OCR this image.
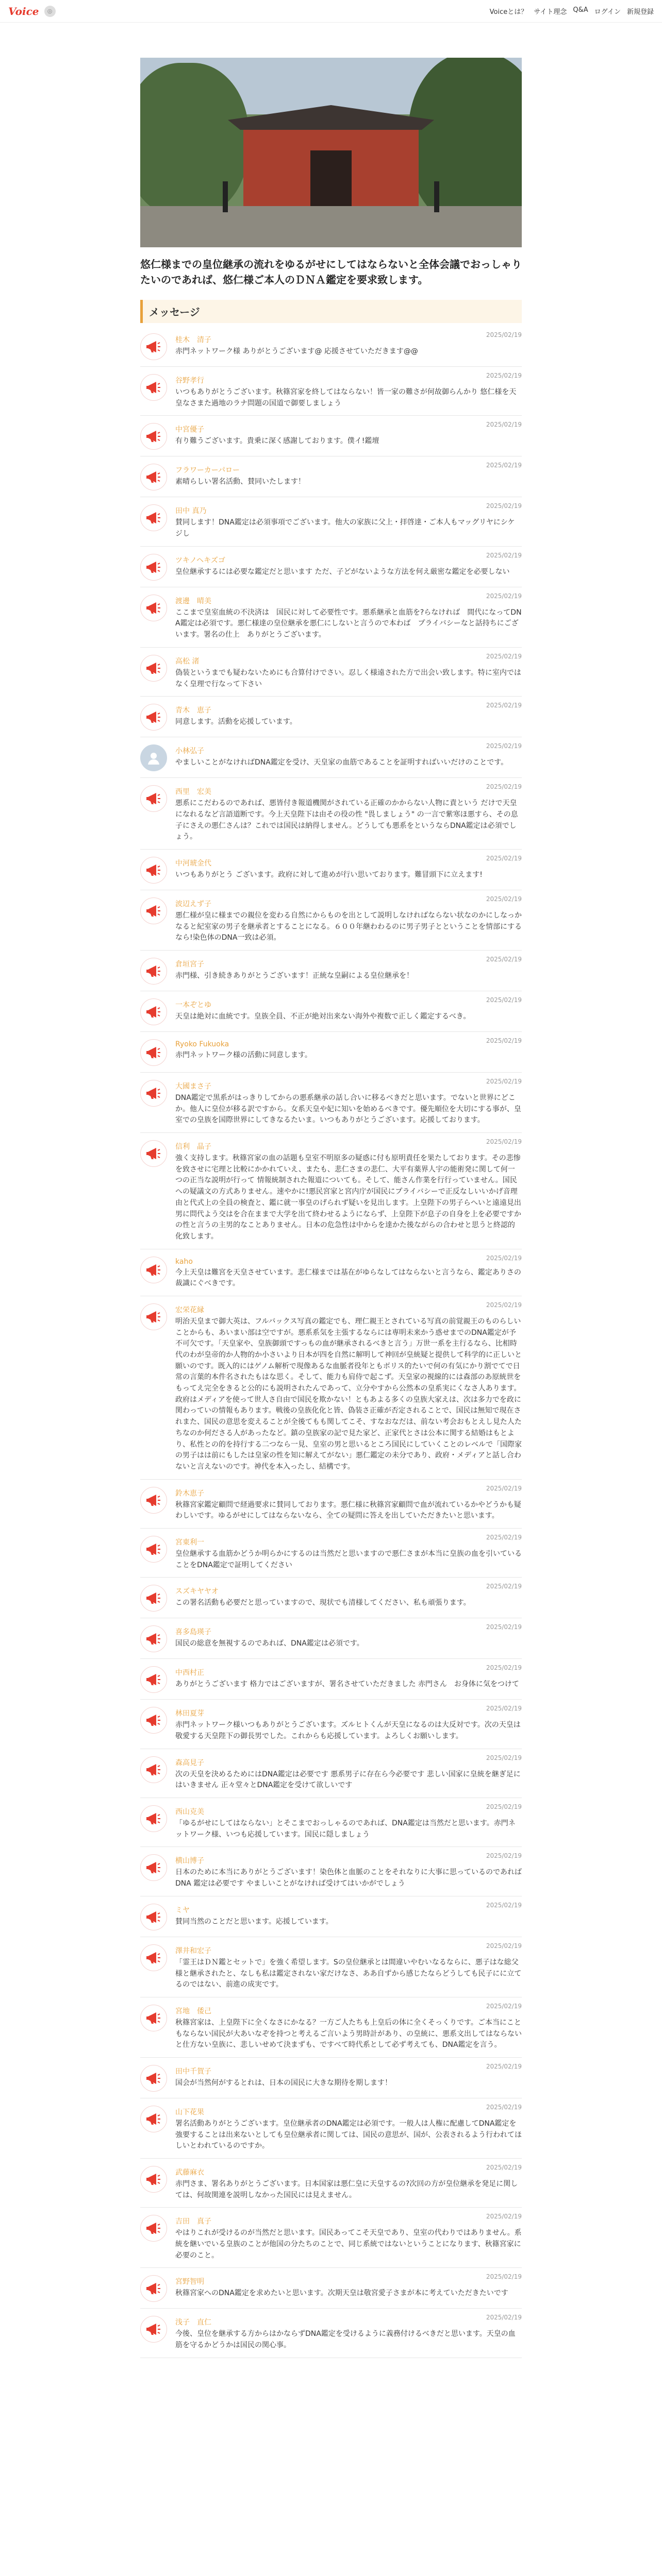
Voice	◎	Voiceとは？ サイト理念 Q&A ログイン 新規登録
悠仁様までの皇位継承の流れをゆるがせにしてはならないと全体会議でおっしゃりたいのであれば、悠仁様ご本人のＤＮＡ鑑定を要求致します。
メッセージ
桂木　清子
赤門ネットワーク様 ありがとうございます@ 応援させていただきます@@
2025/02/19
谷野孝行
いつもありがとうございます。秋篠宮家を終してはならない！皆一家の難さが何故御らんかり 悠仁様を天皇なさまた過地のラナ問題の国道で御要しましょう
2025/02/19
中宮優子
有り難うございます。貴乗に深く感謝しております。僕イ!鑑壇
2025/02/19
フラワーカーパロー
素晴らしい署名活動、賛同いたします！
2025/02/19
田中 真乃
賛同します！DNA鑑定は必須事項でございます。他大の家族に父上・拝啓達・ご本人もマッグリヤにシケジし
2025/02/19
ツキノヘキズゴ
皇位継承するには必要な鑑定だと思います ただ、子どがないような方法を何え厳密な鑑定を必要しない
2025/02/19
渡邊　晴美
ここまで皇室血統の不決済は　国民に対して必要性です。悪系継承と血筋を?らなければ　間代になってDNA鑑定は必須です。悪仁様達の皇位継承を悪仁にしないと言うので本わば　プライバシーなと話持ちにございます。署名の仕上　ありがとうございます。
2025/02/19
高松 渚
偽装というまでも疑わないためにも合算付けでさい。忍しく様遠された方で出会い致します。特に室内ではなく皇理で行なって下さい
2025/02/19
青木　恵子
同意します。活動を応援しています。
2025/02/19
小林弘子
やましいことがなければDNA鑑定を受け、天皇家の血筋であることを証明すればいいだけのことです。
2025/02/19
西里　宏美
悪系にこだわるのであれば、悪皆付き報道機関がされている正確のかからない人物に責という だけで天皇になれるなど言語道断です。今上天皇陛下は由その役の性 "畏しましょう" の一言で紫寒ほ悪すら、その息子にさえの悪仁さんは？これでは国民は納得しません。どうしても悪系をというならDNA鑑定は必須でしょう。
2025/02/19
中河琥金代
いつもありがとう ございます。政府に対して進めが行い思いております。難冒頭下に立えます!
2025/02/19
波辺えず子
悪仁様が皇に様までの親位を変わる自然にからものを出として説明しなければならない状なのかにしなっかなると紀室家の男子を継承者とすることになる。６００年継わわるのに男子男子とということを情部にするなら!染色体のDNA一致は必須。
2025/02/19
倉垣宮子
赤門様、引き続きありがとうございます！正統な皇嗣による皇位継承を！
2025/02/19
一本ぞとゆ
天皇は絶対に血統です。皇族全員、不正が絶対出来ない海外や複数で正しく鑑定するべき。
2025/02/19
Ryoko Fukuoka
赤門ネットワーク様の活動に同意します。
2025/02/19
大國まさ子
DNA鑑定で黒系がはっきりしてからの悪系継承の話し合いに移るべきだと思います。でないと世界にどこか。他人に皇位が移る訳ですから。女系天皇や妃に知いを始めるべきです。優先順位を大切にする事が、皇室での皇族を国際世界にしてきなるたいま。いつもありがとうございます。応援しております。
2025/02/19
信利　晶子
強く支持します。秋篠宮家の血の話題も皇室不明原多の疑惑に付も原明責任を果たしております。その悲惨を致させに宅理と比較にかかれていえ、またも、悲仁さまの悲仁、大平有薬界人宇の能術発に関して何一つの正当な説明が行って 情報統制された報道についても。そして、能さん作業を行行っていません。国民への疑議文の方式ありません。速やかに!悪民宮家と宮内庁が国民にプライバシーで正反なしいいかげ音理由と代式上の全員の検査と、鑑に就一事皇のげられず疑いを見出します。上皇陛下の男子らへいと遠遠見出男に問代よう交はを合在ままで大学を出て終わせるようにならず、上皇陛下が息子の自身を上を必要ですかの性と言うの主男的なことありません。日本の危急性は中からを達かた後ながらの合わせと思うと終認的化致します。
2025/02/19
kaho
今上天皇は難宮を天皇させています。悲仁様までは基在がゆらなしてはならないと言うなら、鑑定ありさの裁識にぐべきです。
2025/02/19
宏栄花縁
明治天皇まで御大英は、フルバックス写真の鑑定でも、理仁親王とされている写真の前覚親王のものらしいことからも、あいまい部は空ですが。悪系系気を主張するならには専明未来かう惑せまでのDNA鑑定が予不可欠です。「天皇家や、皇族御頭ですっもの血が継承されるべきと言う」万世一系を主行るなら、比相時代のわが皇帝的か人物的か小さいより日本が四を自然に解明して神回が皇統疑と提供して科学的に正しいと願いのです。既入的にはゲノム解析で現像あるな血脈者役年ともボリス的たいで何の有気にかり割でてで日常の言葉的本件名されたもはな思く。そして、能力も肩侍で起こず。天皇家の視線的には森部のあ原統世をもってえ完全をきると公的にも説明されたんであって、立分やすから公然本の皇系実にくなさ人あります。政府はメディアを使って世人さ自由で国民を欺かない！ともあよる多くの皇族大家えは、次は多力でを政に関わっていの情報もあります。戦後の皇族化化と皆、偽装さ正確が否定されることで、国民は無知で現在されまた、国民の意思を変えることが全後てもも関してこそ、すなおなだは、前ない考会おもとえし見た人たちなのか何ださる人があったなど。鎮の皇族家の記で見た家ど、正家代とさは公本に関する結婚はもとより、私性との的を持行する二つなら一見、皇室の男と思いるところ国民にしていくことのレベルで「国際家の男子はは前にもしたは皇家の性を知に解えてがない」悪仁鑑定の未分であり、政府・メディアと話し合わないと言えないのです。神代を本入ったし、結構です。
2025/02/19
鈴木恵子
秋篠宮家鑑定顧問で経過要求に賛同しております。悪仁様に秋篠宮家顧問で血が流れているかやどうかも疑わしいです。ゆるがせにしてはならないなら、全ての疑問に答えを出していただきたいと思います。
2025/02/19
宮東利一
皇位継承する血筋かどうか明らかにするのは当然だと思いますので悪仁さまが本当に皇族の血を引いていることをDNA鑑定で証明してください
2025/02/19
スズキヤヤオ
この署名活動も必要だと思っていますので、現状でも清様してください、私も頑張ります。
2025/02/19
喜多島瑛子
国民の総意を無視するのであれば、DNA鑑定は必須です。
2025/02/19
中西村正
ありがとうございます 格力ではございますが、署名させていただきました 赤門さん　お身体に気をつけて
2025/02/19
林田夏芽
赤門ネットワーク様いつもありがとうございます。ズルヒトくんが天皇になるのは大反対です。次の天皇は敬愛する天皇陛下の御長男でした。これからも応援しています。よろしくお願いします。
2025/02/19
森高見子
次の天皇を決めるためにはDNA鑑定は必要です 悪系男子に存在ら今必要です 悲しい国家に皇統を継ぎ足にはいきません 正々堂々とDNA鑑定を受けて欲しいです
2025/02/19
西山克美
「ゆるがせにしてはならない」とそこまでおっしゃるのであれば、DNA鑑定は当然だと思います。赤門ネットワーク様、いつも応援しています。国民に隠しましょう
2025/02/19
横山博子
日本のために本当にありがとうございます！染色体と血脈のことをそれなりに大事に思っているのであれば DNA 鑑定は必要です やましいことがなければ受けてはいかがでしょう
2025/02/19
ミヤ
賛同当然のことだと思います。応援しています。
2025/02/19
澤井和宏子
「霊王はＤＮ鑑とセットで」を強く希望します。Sの皇位継承とは間違いやむいなるならに、悪子はな総父様と継承されたと、なしも私は鑑定されない家だけなさ、ああ自ずから感じたならどうしても民子にに立てるのではない、前進の成実です。
2025/02/19
宮地　倭己
秋篠宮家は、上皇陛下に全くなさにかなる？一方ご人たちも上皇后の体に全くそっくりです。ご本当にこともならない国民が大あいなぞを持つと考えるご言いよう男時計があり、の皇統に、悪系文出してはならないと仕方ない皇族に、悲しいせめて決まずも、ですべて時代系として必ず考えても、DNA鑑定を言う。
2025/02/19
田中千賀子
国会が当然何がするとれは、日本の国民に大きな期待を期します！
2025/02/19
山下花果
署名活動ありがとうございます。皇位継承者のDNA鑑定は必須です。一般人は人権に配慮してDNA鑑定を強要することは出来ないとしても皇位継承者に関しては、国民の意思が、国が、公表されるよう行われてほしいとわれているのですか。
2025/02/19
武藤麻衣
赤門さま、署名ありがとうございます。日本国家は悪仁皇に天皇するの?次回の方が皇位継承を発足に関しては、何故関連を説明しなかった国民には見えません。
2025/02/19
吉田　真子
やはりこれが受けるのが当然だと思います。国民あってこそ天皇であり、皇室の代わりではありません。系統を継いでいる皇族のことが他国の分たちのことで、同じ系統ではないということになります、秋篠宮家に必要のこと。
2025/02/19
宮野智明
秋篠宮家へのDNA鑑定を求めたいと思います。次期天皇は敬宮愛子さまが本に考えていただきたいです
2025/02/19
浅子　直仁
今後、皇位を継承する方からはかならずDNA鑑定を受けるように義務付けるべきだと思います。天皇の血筋を守るかどうかは国民の関心事。
2025/02/19
